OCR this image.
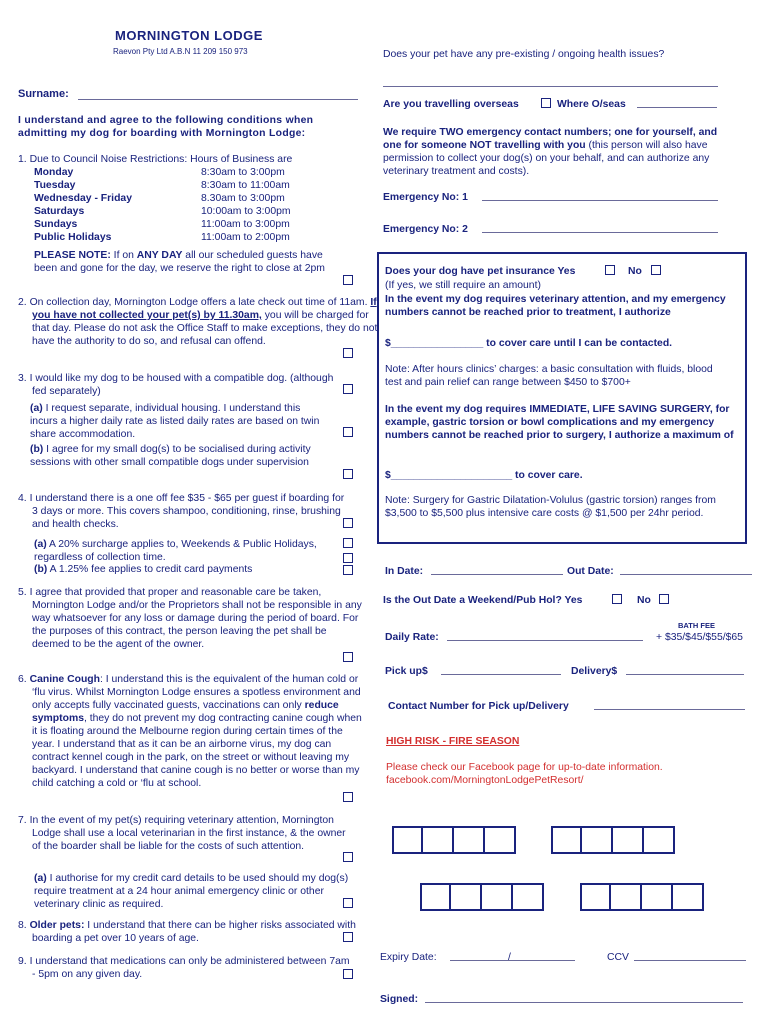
MORNINGTON LODGE
Raevon Pty Ltd A.B.N 11 209 150 973
Surname:
I understand and agree to the following conditions when admitting my dog for boarding with Mornington Lodge:

1. Due to Council Noise Restrictions: Hours of Business are

Monday	8:30am to 3:00pm
Tuesday	8:30am to 11:00am
Wednesday - Friday	8.30am to 3:00pm
Saturdays	10:00am to 3:00pm
Sundays	11:00am to 3:00pm
Public Holidays	11:00am to 2:00pm
PLEASE NOTE: If on ANY DAY all our scheduled guests have been and gone for the day, we reserve the right to close at 2pm
2. On collection day, Mornington Lodge offers a late check out time of 11am. If you have not collected your pet(s) by 11.30am, you will be charged for that day. Please do not ask the Office Staff to make exceptions, they do not have the authority to do so, and refusal can offend.
3. I would like my dog to be housed with a compatible dog. (although fed separately)
(a) I request separate, individual housing. I understand this incurs a higher daily rate as listed daily rates are based on twin share accommodation.
(b) I agree for my small dog(s) to be socialised during activity sessions with other small compatible dogs under supervision
4. I understand there is a one off fee $35 - $65 per guest if boarding for 3 days or more. This covers shampoo, conditioning, rinse, brushing and health checks.
(a) A 20% surcharge applies to, Weekends & Public Holidays, regardless of collection time.
(b) A 1.25% fee applies to credit card payments
5. I agree that provided that proper and reasonable care be taken, Mornington Lodge and/or the Proprietors shall not be responsible in any way whatsoever for any loss or damage during the period of board. For the purposes of this contract, the person leaving the pet shall be deemed to be the agent of the owner.
6. Canine Cough: I understand this is the equivalent of the human cold or ‘flu virus. Whilst Mornington Lodge ensures a spotless environment and only accepts fully vaccinated guests, vaccinations can only reduce symptoms, they do not prevent my dog contracting canine cough when it is floating around the Melbourne region during certain times of the year. I understand that as it can be an airborne virus, my dog can contract kennel cough in the park, on the street or without leaving my backyard. I understand that canine cough is no better or worse than my child catching a cold or ‘flu at school.
7. In the event of my pet(s) requiring veterinary attention, Mornington Lodge shall use a local veterinarian in the first instance, & the owner of the boarder shall be liable for the costs of such attention.
(a) I authorise for my credit card details to be used should my dog(s) require treatment at a 24 hour animal emergency clinic or other veterinary clinic as required.
8. Older pets: I understand that there can be higher risks associated with boarding a pet over 10 years of age.
9. I understand that medications can only be administered between 7am - 5pm on any given day.
Does your pet have any pre-existing / ongoing health issues?
Are you travelling overseas	Where O/seas
We require TWO emergency contact numbers; one for yourself, and one for someone NOT travelling with you (this person will also have permission to collect your dog(s) on your behalf, and can authorize any veterinary treatment and costs).
Emergency No: 1
Emergency No: 2
Does your dog have pet insurance Yes	No
(If yes, we still require an amount)
In the event my dog requires veterinary attention, and my emergency numbers cannot be reached prior to treatment, I authorize
$________________ to cover care until I can be contacted.
Note: After hours clinics’ charges: a basic consultation with fluids, blood test and pain relief can range between $450 to $700+
In the event my dog requires IMMEDIATE, LIFE SAVING SURGERY, for example, gastric torsion or bowl complications and my emergency numbers cannot be reached prior to surgery, I authorize a maximum of
$_____________________ to cover care.
Note: Surgery for Gastric Dilatation-Volulus (gastric torsion) ranges from $3,500 to $5,500 plus intensive care costs @ $1,500 per 24hr period.
In Date:	Out Date:
Is the Out Date a Weekend/Pub Hol? Yes	No
BATH FEE
Daily Rate:	+ $35/$45/$55/$65
Pick up$	Delivery$
Contact Number for Pick up/Delivery
HIGH RISK - FIRE SEASON
Please check our Facebook page for up-to-date information. facebook.com/MorningtonLodgePetResort/
Expiry Date:	/	CCV
Signed:
